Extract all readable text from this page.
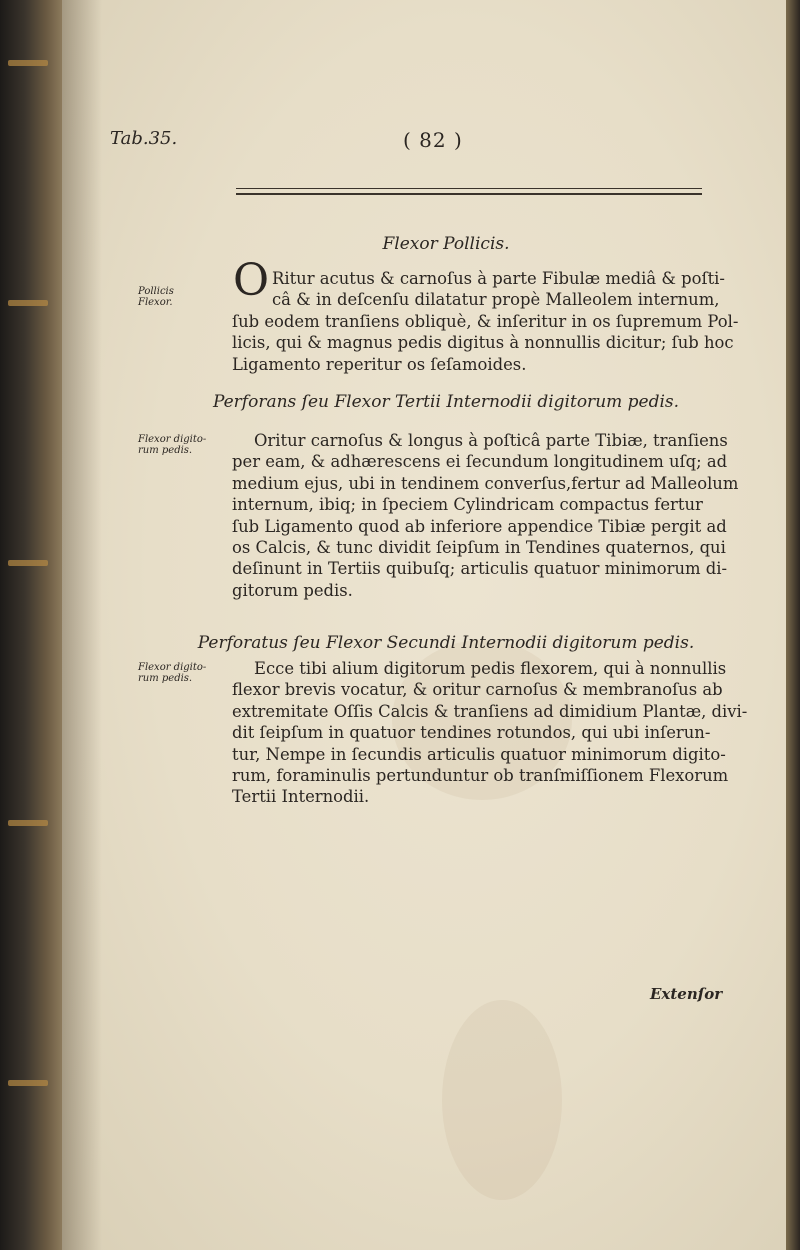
Tab.35.	( 82 )
Flexor Pollicis.
Pollicis Flexor.	O Ritur acutus & carnoſus à parte Fibulæ mediâ & poſti-
câ & in deſcenſu dilatatur propè Malleolem internum,
ſub eodem tranſiens obliquè, & inſeritur in os ſupremum Pol-
licis, qui & magnus pedis digitus à nonnullis dicitur; ſub hoc
Ligamento reperitur os ſeſamoides.
Perforans ſeu Flexor Tertii Internodii digitorum pedis.
Flexor digito-rum pedis.
Oritur carnoſus & longus à poſticâ parte Tibiæ, tranſiens
per eam, & adhærescens ei ſecundum longitudinem uſq; ad
medium ejus, ubi in tendinem converſus,fertur ad Malleolum
internum, ibiq; in ſpeciem Cylindricam compactus fertur
ſub Ligamento quod ab inferiore appendice Tibiæ pergit ad
os Calcis, & tunc dividit ſeipſum in Tendines quaternos, qui
deſinunt in Tertiis quibuſq; articulis quatuor minimorum di-
gitorum pedis.
Perforatus ſeu Flexor Secundi Internodii digitorum pedis.
Flexor digito-rum pedis.
Ecce tibi alium digitorum pedis flexorem, qui à nonnullis
flexor brevis vocatur, & oritur carnoſus & membranoſus ab
extremitate Oſſis Calcis & tranſiens ad dimidium Plantæ, divi-
dit ſeipſum in quatuor tendines rotundos, qui ubi inſerun-
tur, Nempe in ſecundis articulis quatuor minimorum digito-
rum, foraminulis pertunduntur ob tranſmiſſionem Flexorum
Tertii Internodii.
Extenſor
